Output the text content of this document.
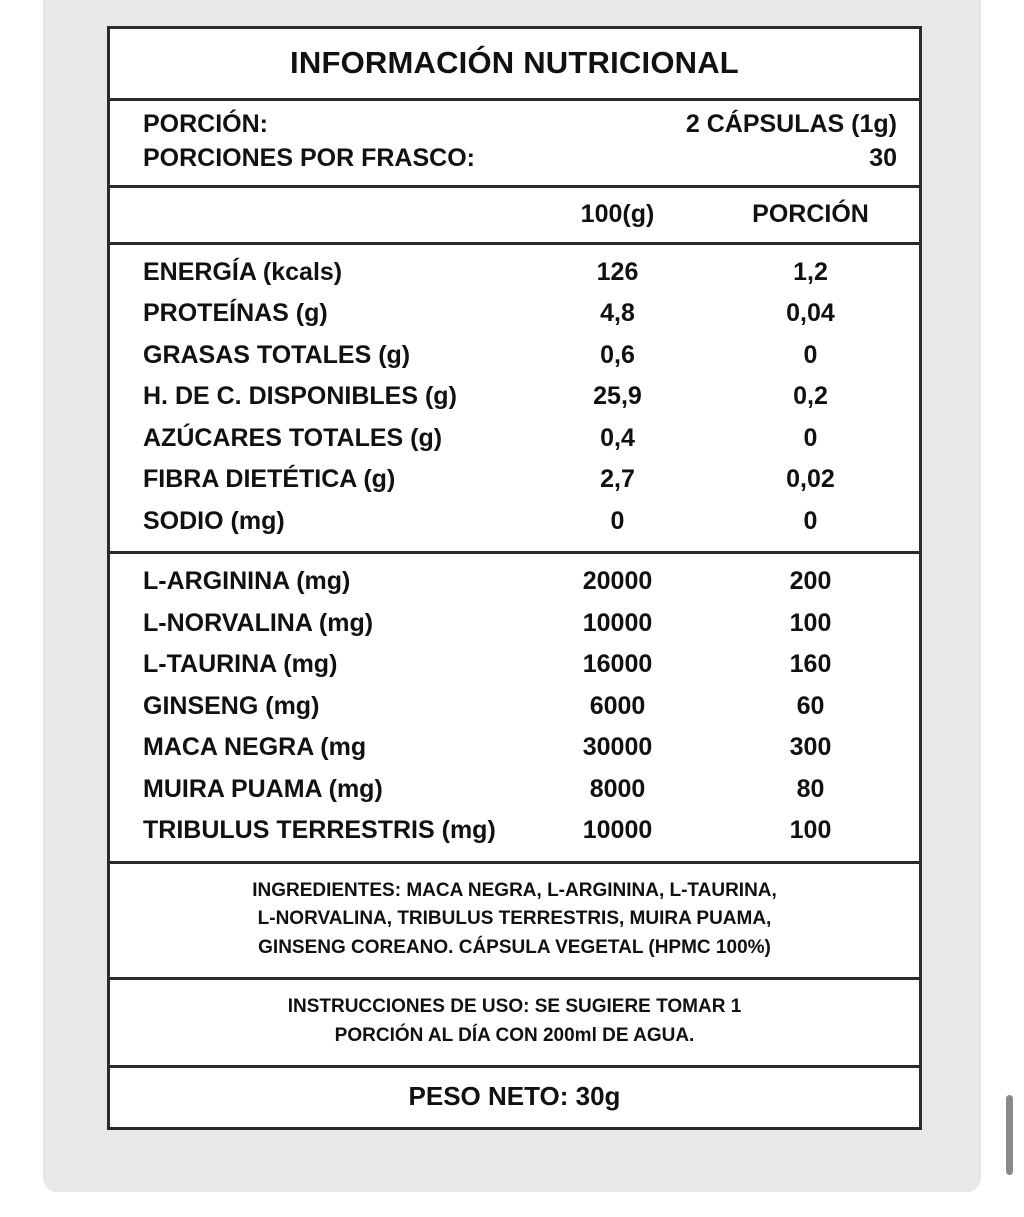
INFORMACIÓN NUTRICIONAL
PORCIÓN:	2 CÁPSULAS (1g)
PORCIONES POR FRASCO:	30
100(g)	PORCIÓN
ENERGÍA (kcals)	126	1,2
PROTEÍNAS (g)	4,8	0,04
GRASAS TOTALES (g)	0,6	0
H. DE C. DISPONIBLES (g)	25,9	0,2
AZÚCARES TOTALES (g)	0,4	0
FIBRA DIETÉTICA (g)	2,7	0,02
SODIO (mg)	0	0
L-ARGININA (mg)	20000	200
L-NORVALINA (mg)	10000	100
L-TAURINA (mg)	16000	160
GINSENG (mg)	6000	60
MACA NEGRA (mg	30000	300
MUIRA PUAMA (mg)	8000	80
TRIBULUS TERRESTRIS (mg)	10000	100
INGREDIENTES: MACA NEGRA, L-ARGININA, L-TAURINA,
L-NORVALINA, TRIBULUS TERRESTRIS, MUIRA PUAMA,
GINSENG COREANO. CÁPSULA VEGETAL (HPMC 100%)
INSTRUCCIONES DE USO: SE SUGIERE TOMAR 1
PORCIÓN AL DÍA CON 200ml DE AGUA.
PESO NETO: 30g
